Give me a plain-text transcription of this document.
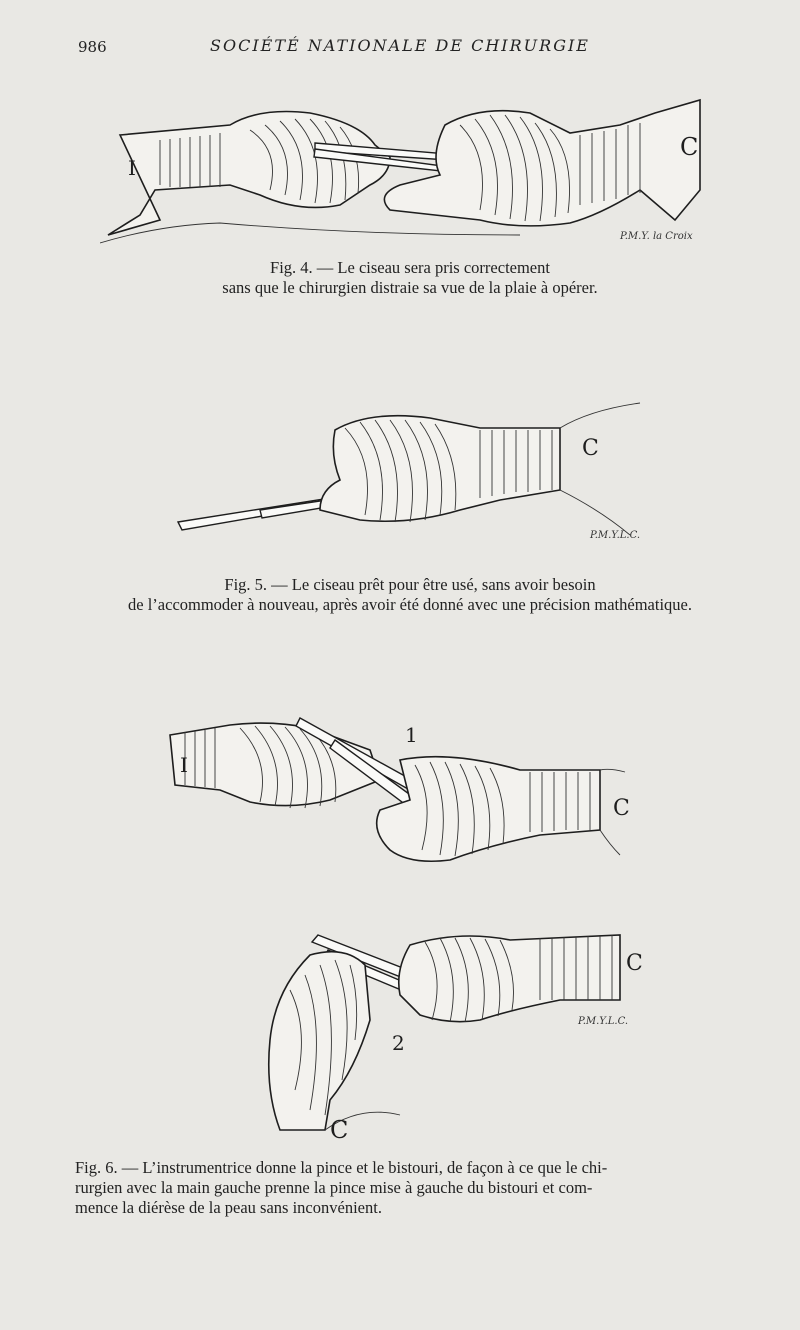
986	SOCIÉTÉ NATIONALE DE CHIRURGIE
I
C
P.M.Y. la Croix
Fig. 4. — Le ciseau sera pris correctement
sans que le chirurgien distraie sa vue de la plaie à opérer.
C
P.M.Y.L.C.
Fig. 5. — Le ciseau prêt pour être usé, sans avoir besoin
de l’accommoder à nouveau, après avoir été donné avec une précision mathématique.
I
1
C
C
2
C
P.M.Y.L.C.
Fig. 6. — L’instrumentrice donne la pince et le bistouri, de façon à ce que le chi-
rurgien avec la main gauche prenne la pince mise à gauche du bistouri et com-
mence la diérèse de la peau sans inconvénient.
